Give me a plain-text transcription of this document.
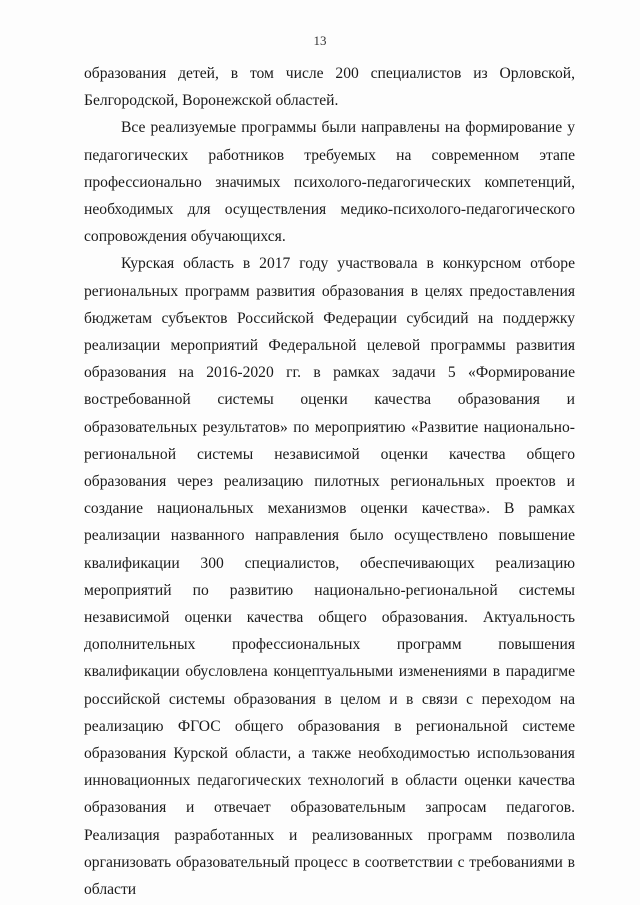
13

образования детей, в том числе 200 специалистов из Орловской, Белгородской, Воронежской областей.

Все реализуемые программы были направлены на формирование у педагогических работников требуемых на современном этапе профессионально значимых психолого-педагогических компетенций, необходимых для осуществления медико-психолого-педагогического сопровождения обучающихся.

Курская область в 2017 году участвовала в конкурсном отборе региональных программ развития образования в целях предоставления бюджетам субъектов Российской Федерации субсидий на поддержку реализации мероприятий Федеральной целевой программы развития образования на 2016-2020 гг. в рамках задачи 5 «Формирование востребованной системы оценки качества образования и образовательных результатов» по мероприятию «Развитие национально-региональной системы независимой оценки качества общего образования через реализацию пилотных региональных проектов и создание национальных механизмов оценки качества». В рамках реализации названного направления было осуществлено повышение квалификации 300 специалистов, обеспечивающих реализацию мероприятий по развитию национально-региональной системы независимой оценки качества общего образования. Актуальность дополнительных профессиональных программ повышения квалификации обусловлена концептуальными изменениями в парадигме российской системы образования в целом и в связи с переходом на реализацию ФГОС общего образования в региональной системе образования Курской области, а также необходимостью использования инновационных педагогических технологий в области оценки качества образования и отвечает образовательным запросам педагогов. Реализация разработанных и реализованных программ позволила организовать образовательный процесс в соответствии с требованиями в области
